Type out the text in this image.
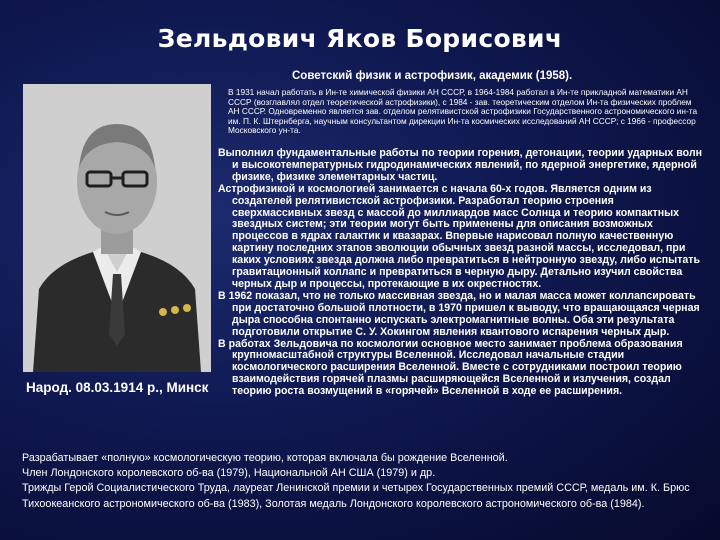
Зельдович Яков Борисович
Народ. 08.03.1914 р., Минск
Советский физик и астрофизик, академик (1958).
В 1931 начал работать в Ин-те химической физики АН СССР, в 1964-1984 работал в Ин-те прикладной математики АН СССР (возглавлял отдел теоретической астрофизики), с 1984 - зав. теоретическим отделом Ин-та физических проблем АН СССР. Одновременно является зав. отделом релятивистской астрофизики Государственного астрономического ин-та им. П. К. Штернберга, научным консультантом дирекции Ин-та космических исследований АН СССР; с 1966 - профессор Московского ун-та.

Выполнил фундаментальные работы по теории горения, детонации, теории ударных волн и высокотемпературных гидродинамических явлений, по ядерной энергетике, ядерной физике, физике элементарных частиц.

Астрофизикой и космологией занимается с начала 60-х годов. Является одним из создателей релятивистской астрофизики. Разработал теорию строения сверхмассивных звезд с массой до миллиардов масс Солнца и теорию компактных звездных систем; эти теории могут быть применены для описания возможных процессов в ядрах галактик и квазарах. Впервые нарисовал полную качественную картину последних этапов эволюции обычных звезд разной массы, исследовал, при каких условиях звезда должна либо превратиться в нейтронную звезду, либо испытать гравитационный коллапс и превратиться в черную дыру. Детально изучил свойства черных дыр и процессы, протекающие в их окрестностях.

В 1962 показал, что не только массивная звезда, но и малая масса может коллапсировать при достаточно большой плотности, в 1970 пришел к выводу, что вращающаяся черная дыра способна спонтанно испускать электромагнитные волны. Оба эти результата подготовили открытие С. У. Хокингом явления квантового испарения черных дыр.

В работах Зельдовича по космологии основное место занимает проблема образования крупномасштабной структуры Вселенной. Исследовал начальные стадии космологического расширения Вселенной. Вместе с сотрудниками построил теорию взаимодействия горячей плазмы расширяющейся Вселенной и излучения, создал теорию роста возмущений в «горячей» Вселенной в ходе ее расширения.

Разрабатывает «полную» космологическую теорию, которая включала бы рождение Вселенной.
Член Лондонского королевского об-ва (1979), Национальной АН США (1979) и др.
Трижды Герой Социалистического Труда, лауреат Ленинской премии и четырех Государственных премий СССР, медаль им. К. Брюс Тихоокеанского астрономического об-ва (1983), Золотая медаль Лондонского королевского астрономического об-ва (1984).
